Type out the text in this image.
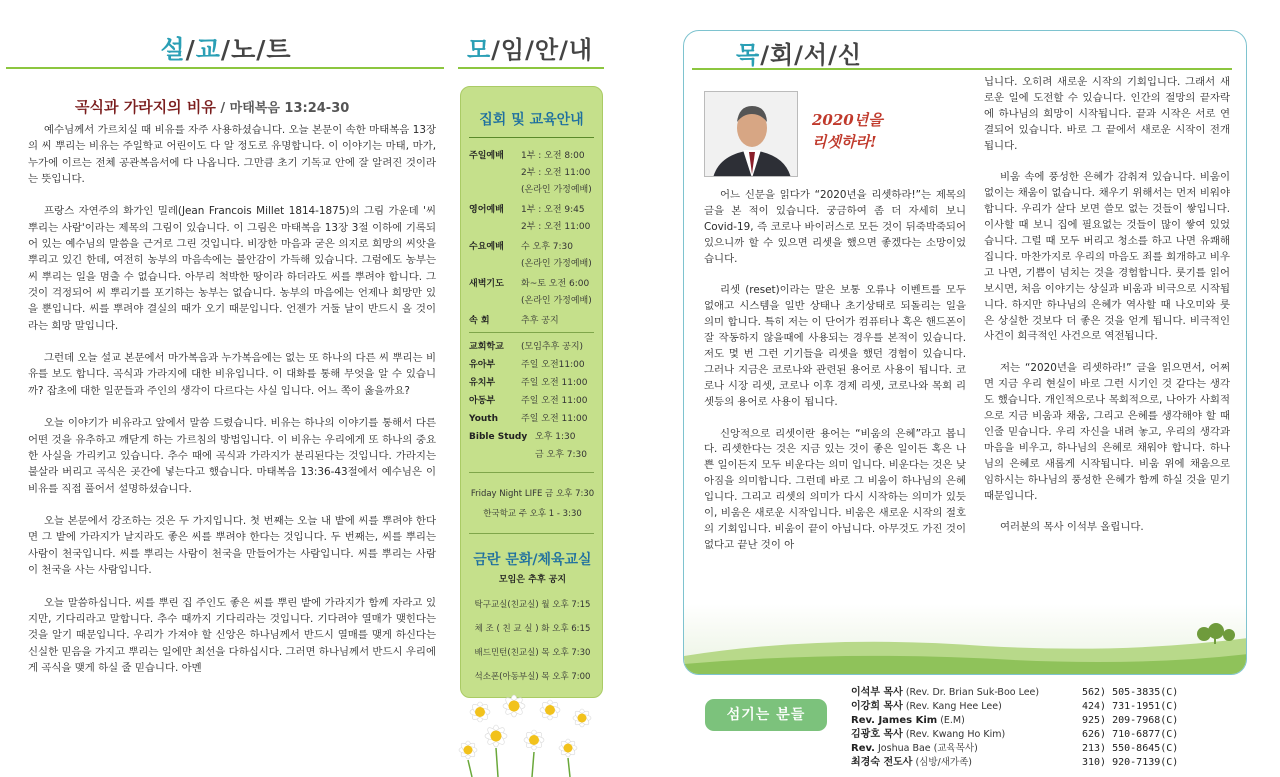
설/교/노/트
곡식과 가라지의 비유 / 마태복음 13:24-30

예수님께서 가르치실 때 비유를 자주 사용하셨습니다. 오늘 본문이 속한 마태복음 13장의 씨 뿌리는 비유는 주일학교 어린이도 다 알 정도로 유명합니다. 이 이야기는 마태, 마가, 누가에 이르는 전체 공관복음서에 다 나옵니다. 그만큼 초기 기독교 안에 잘 알려진 것이라는 뜻입니다.

프랑스 자연주의 화가인 밀레(Jean Francois Millet 1814-1875)의 그림 가운데 '씨 뿌리는 사람'이라는 제목의 그림이 있습니다. 이 그림은 마태복음 13장 3절 이하에 기록되어 있는 예수님의 말씀을 근거로 그린 것입니다. 비장한 마음과 굳은 의지로 희망의 씨앗을 뿌리고 있긴 한데, 여전히 농부의 마음속에는 불안감이 가득해 있습니다. 그럼에도 농부는 씨 뿌리는 일을 멈출 수 없습니다. 아무리 척박한 땅이라 하더라도 씨를 뿌려야 합니다. 그것이 걱정되어 씨 뿌리기를 포기하는 농부는 없습니다. 농부의 마음에는 언제나 희망만 있을 뿐입니다. 씨를 뿌려야 결실의 때가 오기 때문입니다. 언젠가 거둘 날이 반드시 올 것이라는 희망 말입니다.

그런데 오늘 설교 본문에서 마가복음과 누가복음에는 없는 또 하나의 다른 씨 뿌리는 비유를 보도 합니다. 곡식과 가라지에 대한 비유입니다. 이 대화를 통해 무엇을 알 수 있습니까? 잡초에 대한 일꾼들과 주인의 생각이 다르다는 사실 입니다. 어느 쪽이 옳을까요?

오늘 이야기가 비유라고 앞에서 말씀 드렸습니다. 비유는 하나의 이야기를 통해서 다른 어떤 것을 유추하고 깨닫게 하는 가르침의 방법입니다. 이 비유는 우리에게 또 하나의 중요한 사실을 가리키고 있습니다. 추수 때에 곡식과 가라지가 분리된다는 것입니다. 가라지는 불살라 버리고 곡식은 곳간에 넣는다고 했습니다. 마태복음 13:36-43절에서 예수님은 이 비유를 직접 풀어서 설명하셨습니다.

오늘 본문에서 강조하는 것은 두 가지입니다. 첫 번째는 오늘 내 밭에 씨를 뿌려야 한다면 그 밭에 가라지가 날지라도 좋은 씨를 뿌려야 한다는 것입니다. 두 번째는, 씨를 뿌리는 사람이 천국입니다. 씨를 뿌리는 사람이 천국을 만들어가는 사람입니다. 씨를 뿌리는 사람이 천국을 사는 사람입니다.

오늘 말씀하십니다. 씨를 뿌린 집 주인도 좋은 씨를 뿌린 밭에 가라지가 함께 자라고 있지만, 기다리라고 말합니다. 추수 때까지 기다리라는 것입니다. 기다려야 열매가 맺힌다는 것을 알기 때문입니다. 우리가 가져야 할 신앙은 하나님께서 반드시 열매를 맺게 하신다는 신실한 믿음을 가지고 뿌리는 일에만 최선을 다하십시다. 그러면 하나님께서 반드시 우리에게 곡식을 맺게 하실 줄 믿습니다. 아멘

모/임/안/내
집회 및 교육안내
주일예배 1부 : 오전 8:00
2부 : 오전 11:00
(온라인 가정예배)
영어예배 1부 : 오전 9:45
2부 : 오전 11:00
수요예배 수 오후 7:30
(온라인 가정예배)
새벽기도 화~토 오전 6:00
(온라인 가정예배)
속 회	추후 공지
교회학교 (모임추후 공지)
유아부	주일 오전11:00
유치부	주일 오전 11:00
아동부	주일 오전 11:00
Youth	주일 오전 11:00
Bible Study 오후 1:30
금 오후 7:30
Friday Night LIFE 금 오후 7:30
한국학교 주 오후 1 - 3:30
금란 문화/체육교실
모임은 추후 공지
탁구교실(친교실) 월 오후 7:15
체 조 ( 친 교 실 ) 화 오후 6:15
배드민턴(친교실) 목 오후 7:30
석소폰(아동부실) 목 오후 7:00
목/회/서/신
2020년을
리셋하라!

어느 신문을 읽다가 “2020년을 리셋하라!”는 제목의 글을 본 적이 있습니다. 궁금하여 좀 더 자세히 보니 Covid-19, 즉 코로나 바이러스로 모든 것이 뒤죽박죽되어 있으니까 할 수 있으면 리셋을 했으면 좋겠다는 소망이었습니다.

리셋 (reset)이라는 말은 보통 오류나 이벤트를 모두 없애고 시스템을 일반 상태나 초기상태로 되돌리는 일을 의미 합니다. 특히 저는 이 단어가 컴퓨터나 혹은 핸드폰이 잘 작동하지 않을때에 사용되는 경우를 본적이 있습니다. 저도 몇 번 그런 기기들을 리셋을 했던 경험이 있습니다. 그러나 지금은 코로나와 관련된 용어로 사용이 됩니다. 코로나 시장 리셋, 코로나 이후 경제 리셋, 코로나와 목회 리셋등의 용어로 사용이 됩니다.

신앙적으로 리셋이란 용어는 “비움의 은혜”라고 봅니다. 리셋한다는 것은 지금 있는 것이 좋은 일이든 혹은 나쁜 일이든지 모두 비운다는 의미 입니다. 비운다는 것은 낮아짐을 의미합니다. 그런데 바로 그 비움이 하나님의 은혜입니다. 그리고 리셋의 의미가 다시 시작하는 의미가 있듯이, 비움은 새로운 시작입니다. 비움은 새로운 시작의 절호의 기회입니다. 비움이 끝이 아닙니다. 아무것도 가진 것이 없다고 끝난 것이 아

닙니다. 오히려 새로운 시작의 기회입니다. 그래서 새로운 일에 도전할 수 있습니다. 인간의 절망의 끝자락에 하나님의 희망이 시작됩니다. 끝과 시작은 서로 연결되어 있습니다. 바로 그 끝에서 새로운 시작이 전개 됩니다.

비움 속에 풍성한 은혜가 감춰져 있습니다. 비움이 없이는 채움이 없습니다. 채우기 위해서는 먼저 비워야 합니다. 우리가 살다 보면 쓸모 없는 것들이 쌓입니다. 이사할 때 보니 집에 필요없는 것들이 많이 쌓여 있었습니다. 그럴 때 모두 버리고 청소를 하고 나면 유쾌해 집니다. 마찬가지로 우리의 마음도 죄를 회개하고 비우고 나면, 기쁨이 넘치는 것을 경험합니다. 룻기를 읽어 보시면, 처음 이야기는 상실과 비움과 비극으로 시작됩니다. 하지만 하나님의 은혜가 역사할 때 나오미와 룻은 상실한 것보다 더 좋은 것을 얻게 됩니다. 비극적인 사건이 희극적인 사건으로 역전됩니다.

저는 “2020년을 리셋하라!” 글을 읽으면서, 어쩌면 지금 우리 현실이 바로 그런 시기인 것 같다는 생각도 했습니다. 개인적으로나 목회적으로, 나아가 사회적으로 지금 비움과 채움, 그리고 은혜를 생각해야 할 때 인줄 믿습니다. 우리 자신을 내려 놓고, 우리의 생각과 마음을 비우고, 하나님의 은혜로 채워야 합니다. 하나님의 은혜로 새롭게 시작됩니다. 비움 위에 채움으로 임하시는 하나님의 풍성한 은혜가 함께 하실 것을 믿기 때문입니다.

여러분의 목사 이석부 올립니다.

섬기는 분들
이석부 목사 (Rev. Dr. Brian Suk-Boo Lee)	562) 505-3835(C)
이강희 목사 (Rev. Kang Hee Lee)	424) 731-1951(C)
Rev. James Kim (E.M)	925) 209-7968(C)
김광호 목사 (Rev. Kwang Ho Kim)	626) 710-6877(C)
Rev. Joshua Bae (교육목사)	213) 550-8645(C)
최경숙 전도사 (심방/새가족)	310) 920-7139(C)
